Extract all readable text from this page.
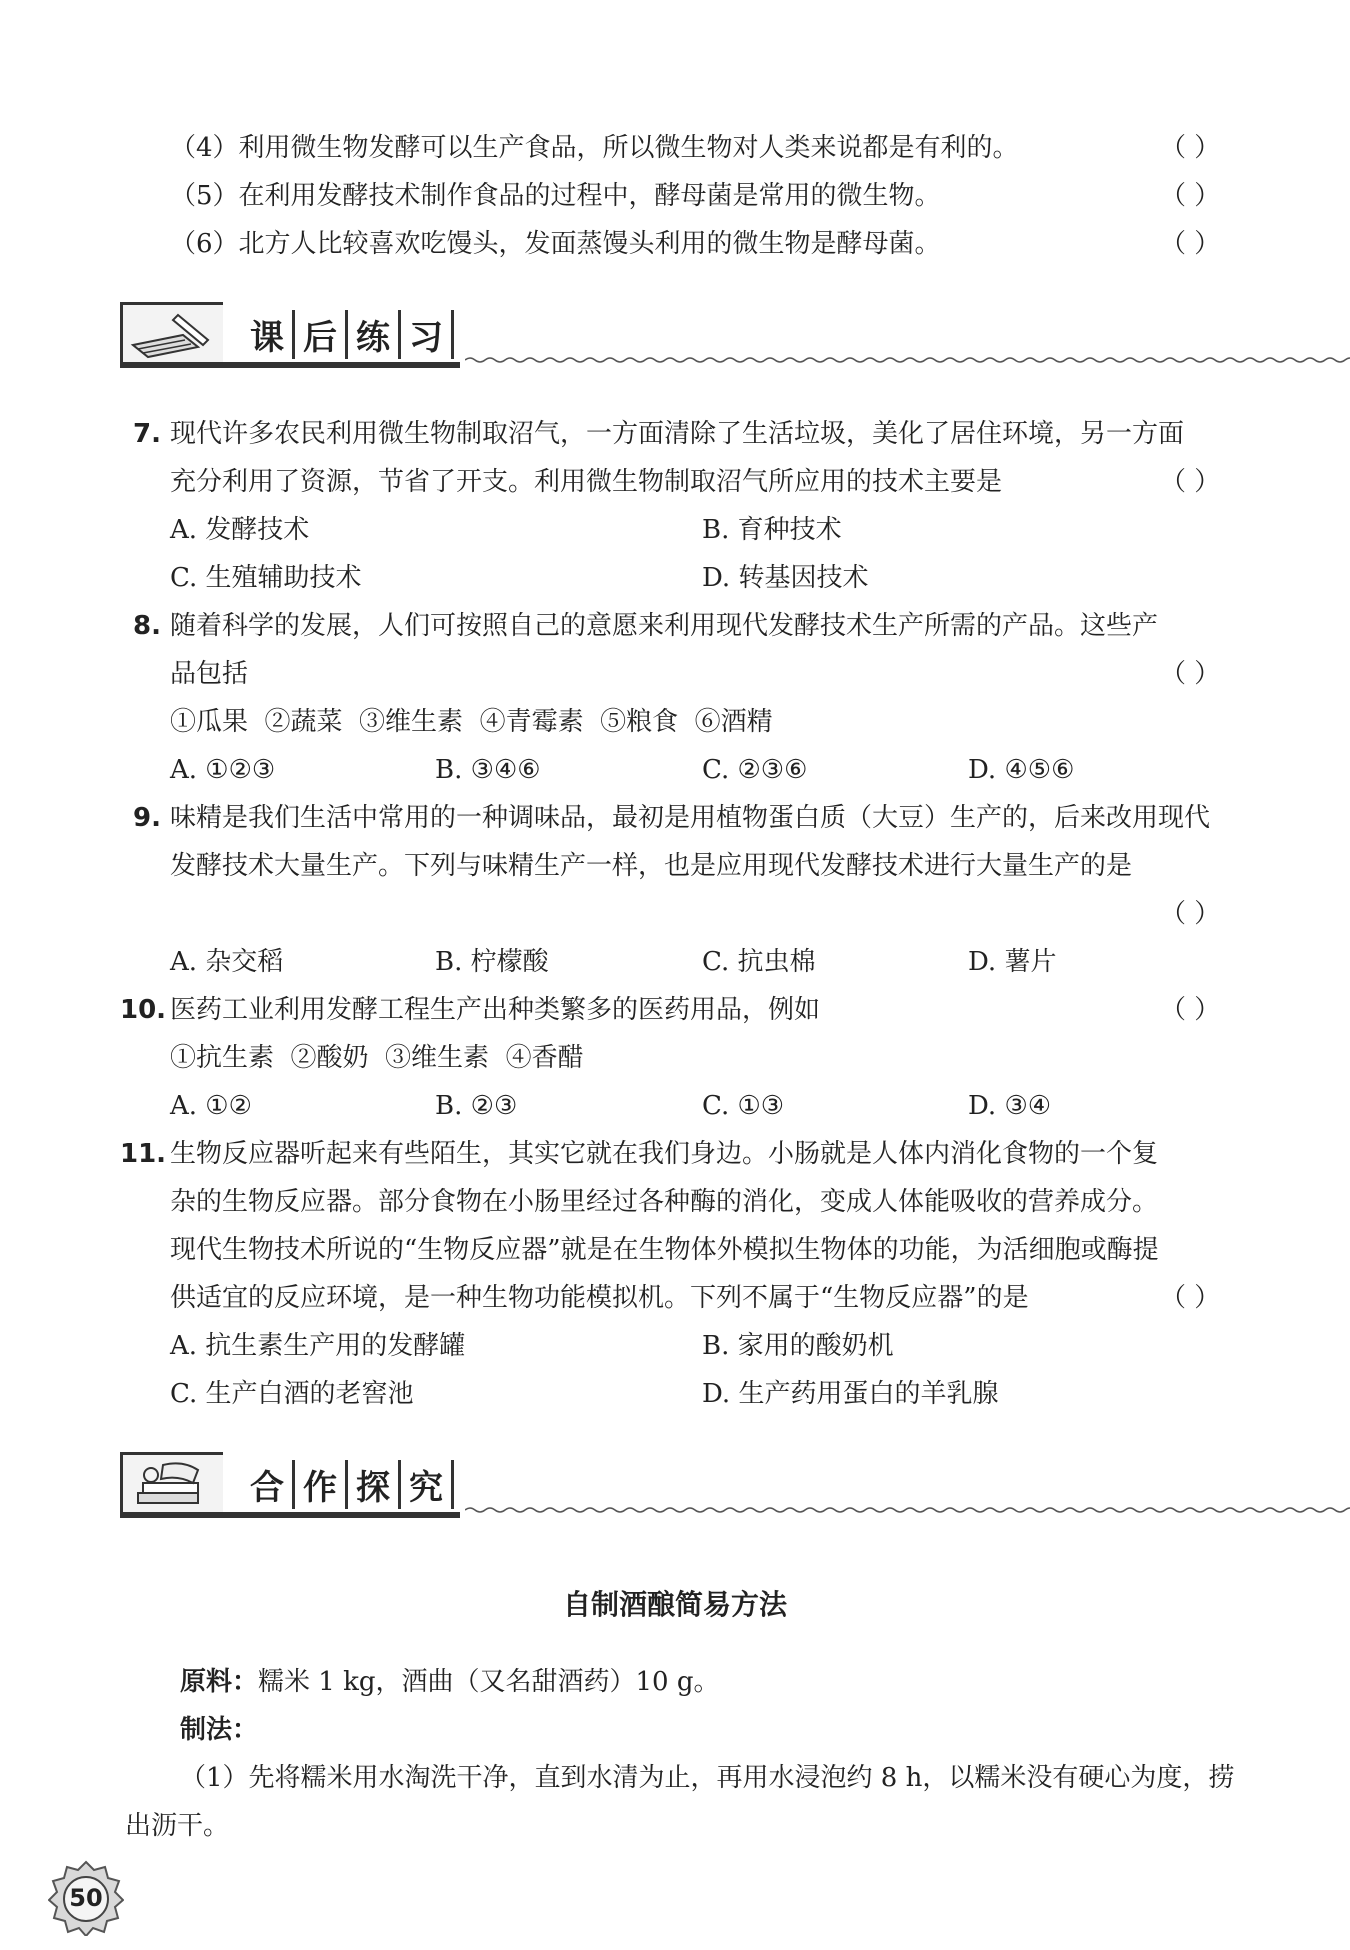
（4）利用微生物发酵可以生产食品，所以微生物对人类来说都是有利的。	（ ）
（5）在利用发酵技术制作食品的过程中，酵母菌是常用的微生物。	（ ）
（6）北方人比较喜欢吃馒头，发面蒸馒头利用的微生物是酵母菌。	（ ）
课 后 练 习
7. 现代许多农民利用微生物制取沼气，一方面清除了生活垃圾，美化了居住环境，另一方面
充分利用了资源，节省了开支。利用微生物制取沼气所应用的技术主要是	（ ）
A. 发酵技术	B. 育种技术
C. 生殖辅助技术	D. 转基因技术
8. 随着科学的发展，人们可按照自己的意愿来利用现代发酵技术生产所需的产品。这些产
品包括	（ ）
①瓜果  ②蔬菜  ③维生素  ④青霉素  ⑤粮食  ⑥酒精
A. ①②③	B. ③④⑥	C. ②③⑥	D. ④⑤⑥
9. 味精是我们生活中常用的一种调味品，最初是用植物蛋白质（大豆）生产的，后来改用现代
发酵技术大量生产。下列与味精生产一样，也是应用现代发酵技术进行大量生产的是
（ ）
A. 杂交稻	B. 柠檬酸	C. 抗虫棉	D. 薯片
10. 医药工业利用发酵工程生产出种类繁多的医药用品，例如	（ ）
①抗生素  ②酸奶  ③维生素  ④香醋
A. ①②	B. ②③	C. ①③	D. ③④
11. 生物反应器听起来有些陌生，其实它就在我们身边。小肠就是人体内消化食物的一个复
杂的生物反应器。部分食物在小肠里经过各种酶的消化，变成人体能吸收的营养成分。
现代生物技术所说的“生物反应器”就是在生物体外模拟生物体的功能，为活细胞或酶提
供适宜的反应环境，是一种生物功能模拟机。下列不属于“生物反应器”的是	（ ）
A. 抗生素生产用的发酵罐	B. 家用的酸奶机
C. 生产白酒的老窖池	D. 生产药用蛋白的羊乳腺
合 作 探 究
自制酒酿简易方法
原料：糯米 1 kg，酒曲（又名甜酒药）10 g。
制法：
（1）先将糯米用水淘洗干净，直到水清为止，再用水浸泡约 8 h，以糯米没有硬心为度，捞
出沥干。
50
